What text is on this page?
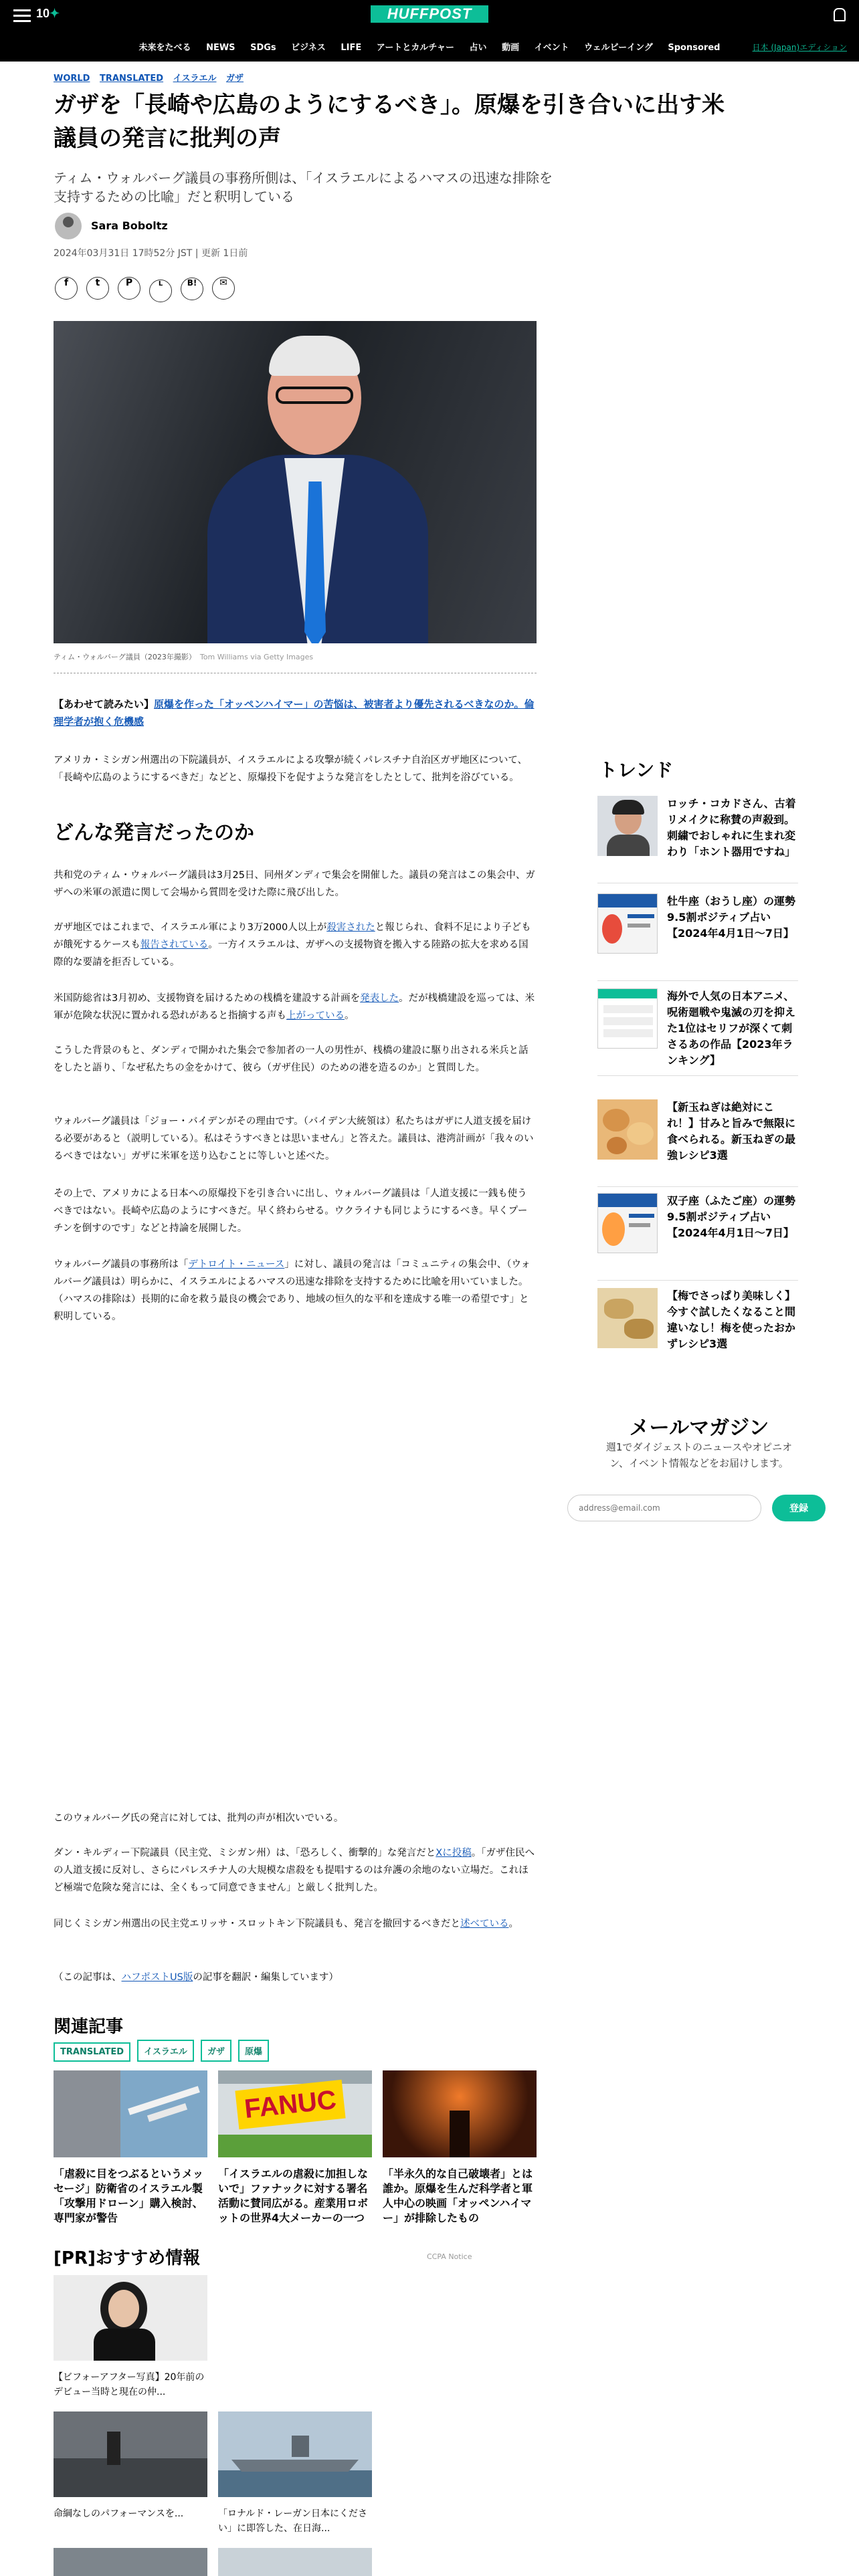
10✦	HUFFPOST
未来をたべる NEWS SDGs ビジネス LIFE アートとカルチャー 占い 動画 イベント ウェルビーイング Sponsored	日本 (Japan)エディション
WORLD TRANSLATED イスラエル ガザ
ガザを「長崎や広島のようにするべき」。原爆を引き合いに出す米議員の発言に批判の声

ティム・ウォルバーグ議員の事務所側は、「イスラエルによるハマスの迅速な排除を支持するための比喩」だと釈明している

Sara Boboltz
2024年03月31日 17時52分 JST | 更新 1日前
f	t	P	L	B! ✉
ティム・ウォルバーグ議員（2023年撮影） Tom Williams via Getty Images
【あわせて読みたい】原爆を作った「オッペンハイマー」の苦悩は、被害者より優先されるべきなのか。倫理学者が抱く危機感

アメリカ・ミシガン州選出の下院議員が、イスラエルによる攻撃が続くパレスチナ自治区ガザ地区について、「長崎や広島のようにするべきだ」などと、原爆投下を促すような発言をしたとして、批判を浴びている。

どんな発言だったのか

共和党のティム・ウォルバーグ議員は3月25日、同州ダンディで集会を開催した。議員の発言はこの集会中、ガザへの米軍の派遣に関して会場から質問を受けた際に飛び出した。

ガザ地区ではこれまで、イスラエル軍により3万2000人以上が殺害されたと報じられ、食料不足により子どもが餓死するケースも報告されている。一方イスラエルは、ガザへの支援物資を搬入する陸路の拡大を求める国際的な要請を拒否している。

米国防総省は3月初め、支援物資を届けるための桟橋を建設する計画を発表した。だが桟橋建設を巡っては、米軍が危険な状況に置かれる恐れがあると指摘する声も上がっている。

こうした背景のもと、ダンディで開かれた集会で参加者の一人の男性が、桟橋の建設に駆り出される米兵と話をしたと語り、「なぜ私たちの金をかけて、彼ら（ガザ住民）のための港を造るのか」と質問した。

ウォルバーグ議員は「ジョー・バイデンがその理由です。（バイデン大統領は）私たちはガザに人道支援を届ける必要があると（説明している）。私はそうすべきとは思いません」と答えた。議員は、港湾計画が「我々のいるべきではない」ガザに米軍を送り込むことに等しいと述べた。

その上で、アメリカによる日本への原爆投下を引き合いに出し、ウォルバーグ議員は「人道支援に一銭も使うべきではない。長崎や広島のようにすべきだ。早く終わらせる。ウクライナも同じようにするべき。早くプーチンを倒すのです」などと持論を展開した。

ウォルバーグ議員の事務所は「デトロイト・ニュース」に対し、議員の発言は「コミュニティの集会中、（ウォルバーグ議員は）明らかに、イスラエルによるハマスの迅速な排除を支持するために比喩を用いていました。（ハマスの排除は）長期的に命を救う最良の機会であり、地域の恒久的な平和を達成する唯一の希望です」と釈明している。

このウォルバーグ氏の発言に対しては、批判の声が相次いでいる。

ダン・キルディー下院議員（民主党、ミシガン州）は、「恐ろしく、衝撃的」な発言だとXに投稿。「ガザ住民への人道支援に反対し、さらにパレスチナ人の大規模な虐殺をも提唱するのは弁護の余地のない立場だ。これほど極端で危険な発言には、全くもって同意できません」と厳しく批判した。

同じくミシガン州選出の民主党エリッサ・スロットキン下院議員も、発言を撤回するべきだと述べている。

（この記事は、ハフポストUS版の記事を翻訳・編集しています）

トレンド
ロッチ・コカドさん、古着リメイクに称賛の声殺到。刺繍でおしゃれに生まれ変わり「ホント器用ですね」
牡牛座（おうし座）の運勢 9.5割ポジティブ占い【2024年4月1日〜7日】
海外で人気の日本アニメ、呪術廻戦や鬼滅の刃を抑えた1位はセリフが深くて刺さるあの作品【2023年ランキング】
【新玉ねぎは絶対にこれ！】甘みと旨みで無限に食べられる。新玉ねぎの最強レシピ3選
双子座（ふたご座）の運勢 9.5割ポジティブ占い【2024年4月1日〜7日】
【梅でさっぱり美味しく】今すぐ試したくなること間違いなし！梅を使ったおかずレシピ3選
メールマガジン
週1でダイジェストのニュースやオピニオン、イベント情報などをお届けします。
address@email.com
登録
関連記事
TRANSLATED イスラエル ガザ 原爆
「虐殺に目をつぶるというメッセージ」防衛省のイスラエル製「攻撃用ドローン」購入検討、専門家が警告
FANUC
「イスラエルの虐殺に加担しないで」ファナックに対する署名活動に賛同広がる。産業用ロボットの世界4大メーカーの一つ
「半永久的な自己破壊者」とは誰か。原爆を生んだ科学者と軍人中心の映画「オッペンハイマー」が排除したもの
[PR]おすすめ情報	CCPA Notice
【ビフォーアフター写真】20年前のデビュー当時と現在の仲...
命綱なしのパフォーマンスを...	「ロナルド・レーガン日本にください」に即答した、在日海...
